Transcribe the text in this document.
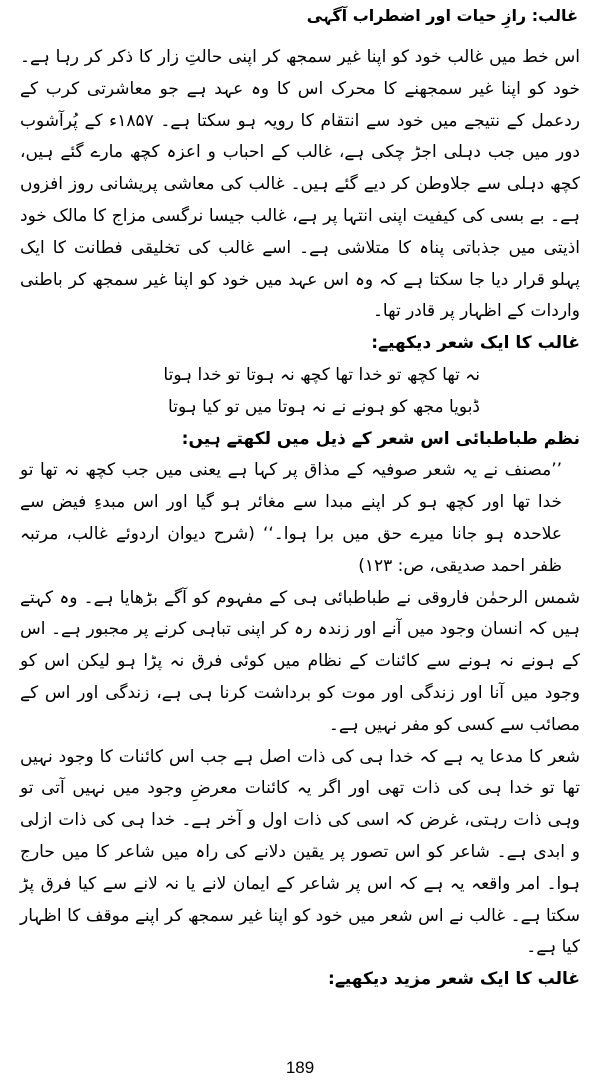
غالب: رازِ حیات اور اضطراب آگہی

اس خط میں غالب خود کو اپنا غیر سمجھ کر اپنی حالتِ زار کا ذکر کر رہا ہے۔ خود کو اپنا غیر سمجھنے کا محرک اس کا وہ عہد ہے جو معاشرتی کرب کے ردعمل کے نتیجے میں خود سے انتقام کا رویہ ہو سکتا ہے۔ ۱۸۵۷ء کے پُرآشوب دور میں جب دہلی اجڑ چکی ہے، غالب کے احباب و اعزہ کچھ مارے گئے ہیں، کچھ دہلی سے جلاوطن کر دیے گئے ہیں۔ غالب کی معاشی پریشانی روز افزوں ہے۔ بے بسی کی کیفیت اپنی انتہا پر ہے، غالب جیسا نرگسی مزاج کا مالک خود اذیتی میں جذباتی پناہ کا متلاشی ہے۔ اسے غالب کی تخلیقی فطانت کا ایک پہلو قرار دیا جا سکتا ہے کہ وہ اس عہد میں خود کو اپنا غیر سمجھ کر باطنی واردات کے اظہار پر قادر تھا۔

غالب کا ایک شعر دیکھیے:

نہ تھا کچھ تو خدا تھا کچھ نہ ہوتا تو خدا ہوتا

ڈبویا مجھ کو ہونے نے نہ ہوتا میں تو کیا ہوتا

نظم طباطبائی اس شعر کے ذیل میں لکھتے ہیں:

’’مصنف نے یہ شعر صوفیہ کے مذاق پر کہا ہے یعنی میں جب کچھ نہ تھا تو خدا تھا اور کچھ ہو کر اپنے مبدا سے مغائر ہو گیا اور اس مبدءِ فیض سے علاحدہ ہو جانا میرے حق میں برا ہوا۔‘‘ (شرح دیوان اردوئے غالب، مرتبہ ظفر احمد صدیقی، ص: ۱۲۳)

شمس الرحمٰن فاروقی نے طباطبائی ہی کے مفہوم کو آگے بڑھایا ہے۔ وہ کہتے ہیں کہ انسان وجود میں آنے اور زندہ رہ کر اپنی تباہی کرنے پر مجبور ہے۔ اس کے ہونے نہ ہونے سے کائنات کے نظام میں کوئی فرق نہ پڑا ہو لیکن اس کو وجود میں آنا اور زندگی اور موت کو برداشت کرنا ہی ہے، زندگی اور اس کے مصائب سے کسی کو مفر نہیں ہے۔

شعر کا مدعا یہ ہے کہ خدا ہی کی ذات اصل ہے جب اس کائنات کا وجود نہیں تھا تو خدا ہی کی ذات تھی اور اگر یہ کائنات معرضِ وجود میں نہیں آتی تو وہی ذات رہتی، غرض کہ اسی کی ذات اول و آخر ہے۔ خدا ہی کی ذات ازلی و ابدی ہے۔ شاعر کو اس تصور پر یقین دلانے کی راہ میں شاعر کا میں حارج ہوا۔ امر واقعہ یہ ہے کہ اس پر شاعر کے ایمان لانے یا نہ لانے سے کیا فرق پڑ سکتا ہے۔ غالب نے اس شعر میں خود کو اپنا غیر سمجھ کر اپنے موقف کا اظہار کیا ہے۔

غالب کا ایک شعر مزید دیکھیے:

189
